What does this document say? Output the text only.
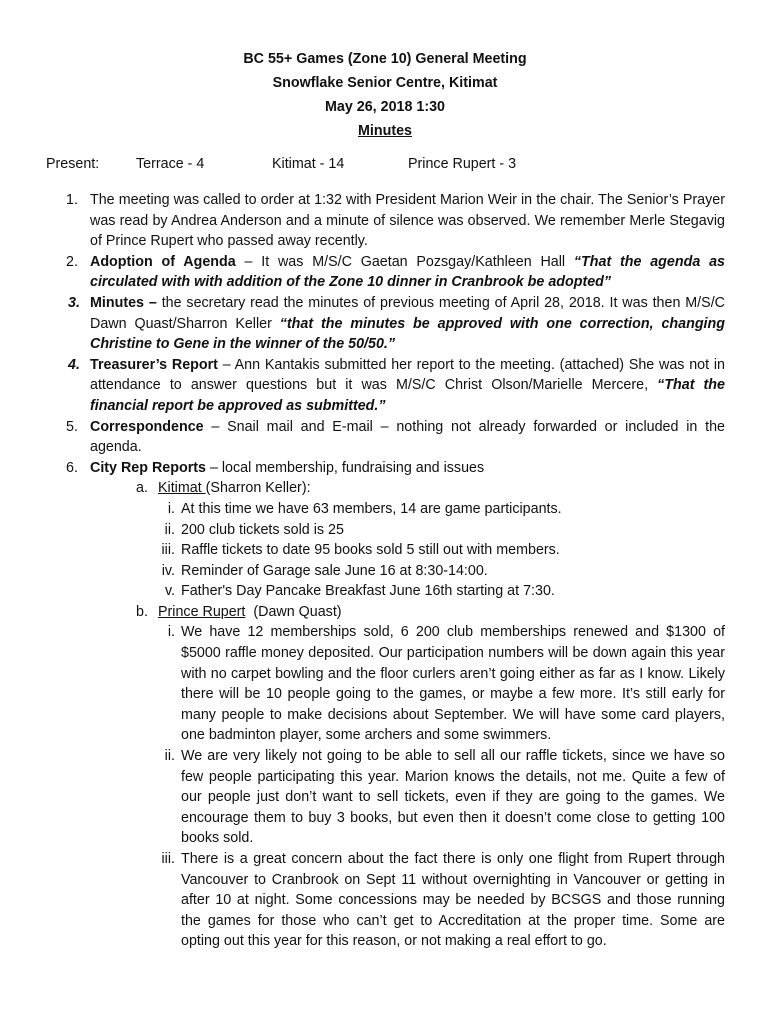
BC 55+ Games (Zone 10) General Meeting
Snowflake Senior Centre, Kitimat
May 26, 2018 1:30
Minutes
Present:	Terrace - 4	Kitimat - 14	Prince Rupert - 3
1. The meeting was called to order at 1:32 with President Marion Weir in the chair. The Senior’s Prayer was read by Andrea Anderson and a minute of silence was observed. We remember Merle Stegavig of Prince Rupert who passed away recently.
2. Adoption of Agenda – It was M/S/C Gaetan Pozsgay/Kathleen Hall “That the agenda as circulated with with addition of the Zone 10 dinner in Cranbrook be adopted”
3. Minutes – the secretary read the minutes of previous meeting of April 28, 2018. It was then M/S/C Dawn Quast/Sharron Keller “that the minutes be approved with one correction, changing Christine to Gene in the winner of the 50/50.”
4. Treasurer’s Report – Ann Kantakis submitted her report to the meeting. (attached) She was not in attendance to answer questions but it was M/S/C Christ Olson/Marielle Mercere, “That the financial report be approved as submitted.”
5. Correspondence – Snail mail and E-mail – nothing not already forwarded or included in the agenda.
6. City Rep Reports – local membership, fundraising and issues
a. Kitimat (Sharron Keller):
i. At this time we have 63 members, 14 are game participants.
ii. 200 club tickets sold is 25
iii. Raffle tickets to date 95 books sold 5 still out with members.
iv. Reminder of Garage sale June 16 at 8:30-14:00.
v. Father's Day Pancake Breakfast June 16th starting at 7:30.
b. Prince Rupert  (Dawn Quast)
i. We have 12 memberships sold, 6 200 club memberships renewed and $1300 of $5000 raffle money deposited. Our participation numbers will be down again this year with no carpet bowling and the floor curlers aren’t going either as far as I know. Likely there will be 10 people going to the games, or maybe a few more. It’s still early for many people to make decisions about September. We will have some card players, one badminton player, some archers and some swimmers.
ii. We are very likely not going to be able to sell all our raffle tickets, since we have so few people participating this year. Marion knows the details, not me. Quite a few of our people just don’t want to sell tickets, even if they are going to the games. We encourage them to buy 3 books, but even then it doesn’t come close to getting 100 books sold.
iii. There is a great concern about the fact there is only one flight from Rupert through Vancouver to Cranbrook on Sept 11 without overnighting in Vancouver or getting in after 10 at night. Some concessions may be needed by BCSGS and those running the games for those who can’t get to Accreditation at the proper time. Some are opting out this year for this reason, or not making a real effort to go.
